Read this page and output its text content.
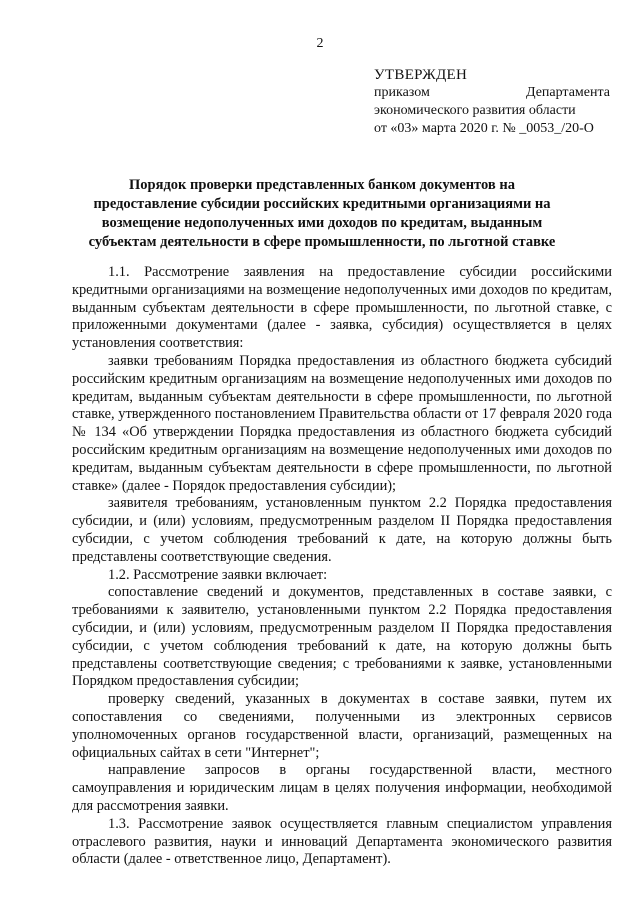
2
УТВЕРЖДЕН
приказом Департамента
экономического развития области
от «03» марта 2020 г. № _0053_/20-О
Порядок проверки представленных банком документов на предоставление субсидии российских кредитными организациями на возмещение недополученных ими доходов по кредитам, выданным субъектам деятельности в сфере промышленности, по льготной ставке

1.1. Рассмотрение заявления на предоставление субсидии российскими кредитными организациями на возмещение недополученных ими доходов по кредитам, выданным субъектам деятельности в сфере промышленности, по льготной ставке, с приложенными документами (далее - заявка, субсидия) осуществляется в целях установления соответствия:

заявки требованиям Порядка предоставления из областного бюджета субсидий российским кредитным организациям на возмещение недополученных ими доходов по кредитам, выданным субъектам деятельности в сфере промышленности, по льготной ставке, утвержденного постановлением Правительства области от 17 февраля 2020 года № 134 «Об утверждении Порядка предоставления из областного бюджета субсидий российским кредитным организациям на возмещение недополученных ими доходов по кредитам, выданным субъектам деятельности в сфере промышленности, по льготной ставке» (далее - Порядок предоставления субсидии);

заявителя требованиям, установленным пунктом 2.2 Порядка предоставления субсидии, и (или) условиям, предусмотренным разделом II Порядка предоставления субсидии, с учетом соблюдения требований к дате, на которую должны быть представлены соответствующие сведения.

1.2. Рассмотрение заявки включает:

сопоставление сведений и документов, представленных в составе заявки, с требованиями к заявителю, установленными пунктом 2.2 Порядка предоставления субсидии, и (или) условиям, предусмотренным разделом II Порядка предоставления субсидии, с учетом соблюдения требований к дате, на которую должны быть представлены соответствующие сведения; с требованиями к заявке, установленными Порядком предоставления субсидии;

проверку сведений, указанных в документах в составе заявки, путем их сопоставления со сведениями, полученными из электронных сервисов уполномоченных органов государственной власти, организаций, размещенных на официальных сайтах в сети "Интернет";

направление запросов в органы государственной власти, местного самоуправления и юридическим лицам в целях получения информации, необходимой для рассмотрения заявки.

1.3. Рассмотрение заявок осуществляется главным специалистом управления отраслевого развития, науки и инноваций Департамента экономического развития области (далее - ответственное лицо, Департамент).
